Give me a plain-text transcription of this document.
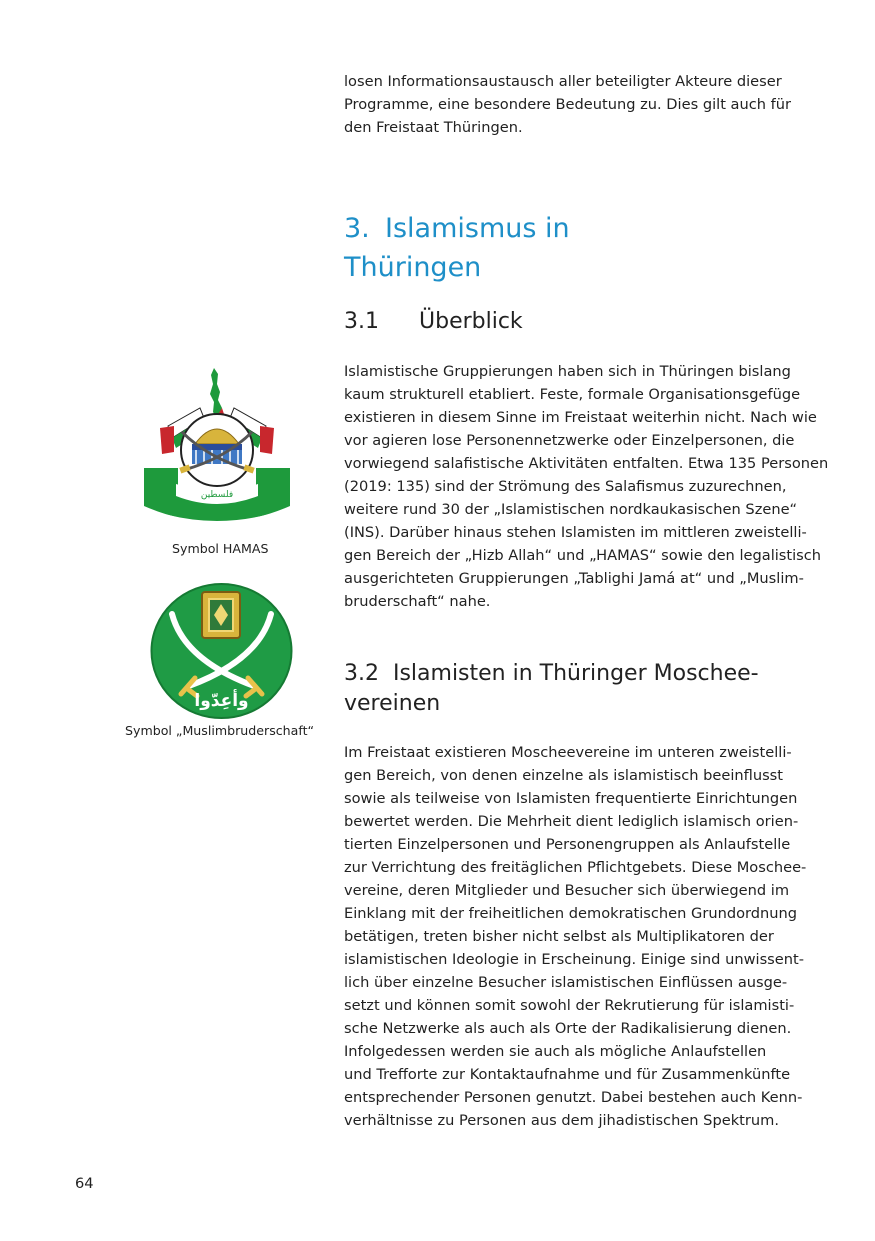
losen Informationsaustausch aller beteiligter Akteure dieser
Programme, eine besondere Bedeutung zu. Dies gilt auch für
den Freistaat Thüringen.

3. Islamismus in
Thüringen
3.1 Überblick

Islamistische Gruppierungen haben sich in Thüringen bislang
kaum strukturell etabliert. Feste, formale Organisationsgefüge
existieren in diesem Sinne im Freistaat weiterhin nicht. Nach wie
vor agieren lose Personennetzwerke oder Einzelpersonen, die
vorwiegend salafistische Aktivitäten entfalten. Etwa 135 Personen
(2019: 135) sind der Strömung des Salafismus zuzurechnen,
weitere rund 30 der „Islamistischen nordkaukasischen Szene“
(INS). Darüber hinaus stehen Islamisten im mittleren zweistelli-
gen Bereich der „Hizb Allah“ und „HAMAS“ sowie den legalistisch
ausgerichteten Gruppierungen „Tablighi Jamá at“ und „Muslim-
bruderschaft“ nahe.

3.2  Islamisten in Thüringer Moschee-
vereinen

Im Freistaat existieren Moscheevereine im unteren zweistelli-
gen Bereich, von denen einzelne als islamistisch beeinflusst
sowie als teilweise von Islamisten frequentierte Einrichtungen
bewertet werden. Die Mehrheit dient lediglich islamisch orien-
tierten Einzelpersonen und Personengruppen als Anlaufstelle
zur Verrichtung des freitäglichen Pflichtgebets. Diese Moschee-
vereine, deren Mitglieder und Besucher sich überwiegend im
Einklang mit der freiheitlichen demokratischen Grundordnung
betätigen, treten bisher nicht selbst als Multiplikatoren der
islamistischen Ideologie in Erscheinung. Einige sind unwissent-
lich über einzelne Besucher islamistischen Einflüssen ausge-
setzt und können somit sowohl der Rekrutierung für islamisti-
sche Netzwerke als auch als Orte der Radikalisierung dienen.
Infolgedessen werden sie auch als mögliche Anlaufstellen
und Trefforte zur Kontaktaufnahme und für Zusammenkünfte
entsprechender Personen genutzt. Dabei bestehen auch Kenn-
verhältnisse zu Personen aus dem jihadistischen Spektrum.

فلسطين

Symbol HAMAS

وأعِدّوا

Symbol „Muslimbruderschaft“

64
